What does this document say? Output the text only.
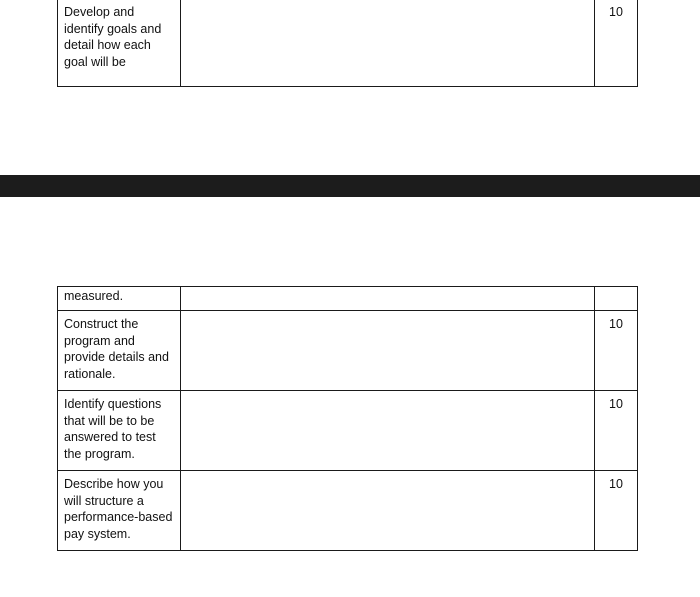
Develop and identify goals and detail how each goal will be		10
measured.		
Construct the program and provide details and rationale.		10
Identify questions that will be to be answered to test the program.		10
Describe how you will structure a performance-based pay system.		10
